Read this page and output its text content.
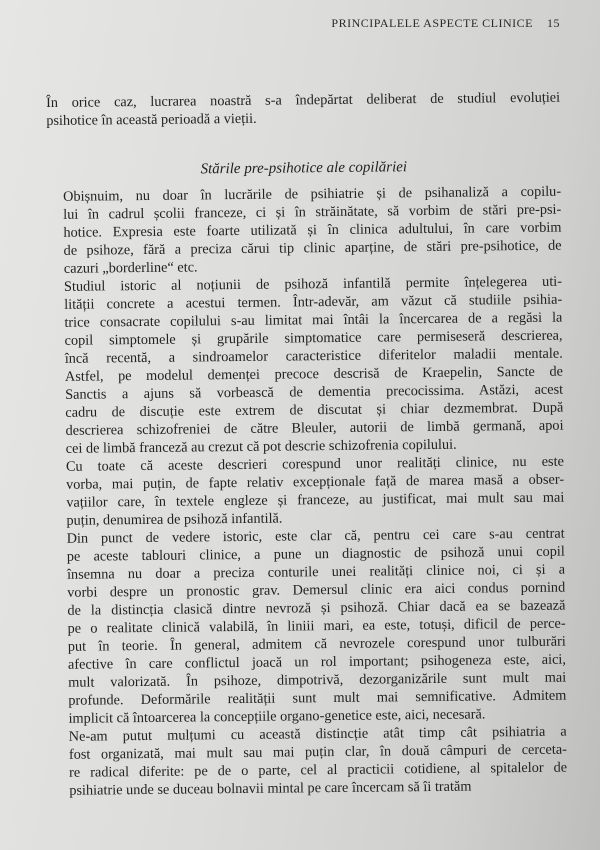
PRINCIPALELE ASPECTE CLINICE 15
În orice caz, lucrarea noastră s-a îndepărtat deliberat de studiul evoluției
psihotice în această perioadă a vieții.
Stările pre-psihotice ale copilăriei
Obișnuim, nu doar în lucrările de psihiatrie și de psihanaliză a copilu-
lui în cadrul școlii franceze, ci și în străinătate, să vorbim de stări pre-psi-
hotice. Expresia este foarte utilizată și în clinica adultului, în care vorbim
de psihoze, fără a preciza cărui tip clinic aparține, de stări pre-psihotice, de
cazuri „borderline“ etc.
Studiul istoric al noțiunii de psihoză infantilă permite înțelegerea uti-
lității concrete a acestui termen. Într-adevăr, am văzut că studiile psihia-
trice consacrate copilului s-au limitat mai întâi la încercarea de a regăsi la
copil simptomele și grupările simptomatice care permiseseră descrierea,
încă recentă, a sindroamelor caracteristice diferitelor maladii mentale.
Astfel, pe modelul demenței precoce descrisă de Kraepelin, Sancte de
Sanctis a ajuns să vorbească de dementia precocissima. Astăzi, acest
cadru de discuție este extrem de discutat și chiar dezmembrat. După
descrierea schizofreniei de către Bleuler, autorii de limbă germană, apoi
cei de limbă franceză au crezut că pot descrie schizofrenia copilului.
Cu toate că aceste descrieri corespund unor realități clinice, nu este
vorba, mai puțin, de fapte relativ excepționale față de marea masă a obser-
vațiilor care, în textele engleze și franceze, au justificat, mai mult sau mai
puțin, denumirea de psihoză infantilă.
Din punct de vedere istoric, este clar că, pentru cei care s-au centrat
pe aceste tablouri clinice, a pune un diagnostic de psihoză unui copil
însemna nu doar a preciza conturile unei realități clinice noi, ci și a
vorbi despre un pronostic grav. Demersul clinic era aici condus pornind
de la distincția clasică dintre nevroză și psihoză. Chiar dacă ea se bazează
pe o realitate clinică valabilă, în liniii mari, ea este, totuși, dificil de perce-
put în teorie. În general, admitem că nevrozele corespund unor tulburări
afective în care conflictul joacă un rol important; psihogeneza este, aici,
mult valorizată. În psihoze, dimpotrivă, dezorganizările sunt mult mai
profunde. Deformările realității sunt mult mai semnificative. Admitem
implicit că întoarcerea la concepțiile organo-genetice este, aici, necesară.
Ne-am putut mulțumi cu această distincție atât timp cât psihiatria a
fost organizată, mai mult sau mai puțin clar, în două câmpuri de cerceta-
re radical diferite: pe de o parte, cel al practicii cotidiene, al spitalelor de
psihiatrie unde se duceau bolnavii mintal pe care încercam să îi tratăm
